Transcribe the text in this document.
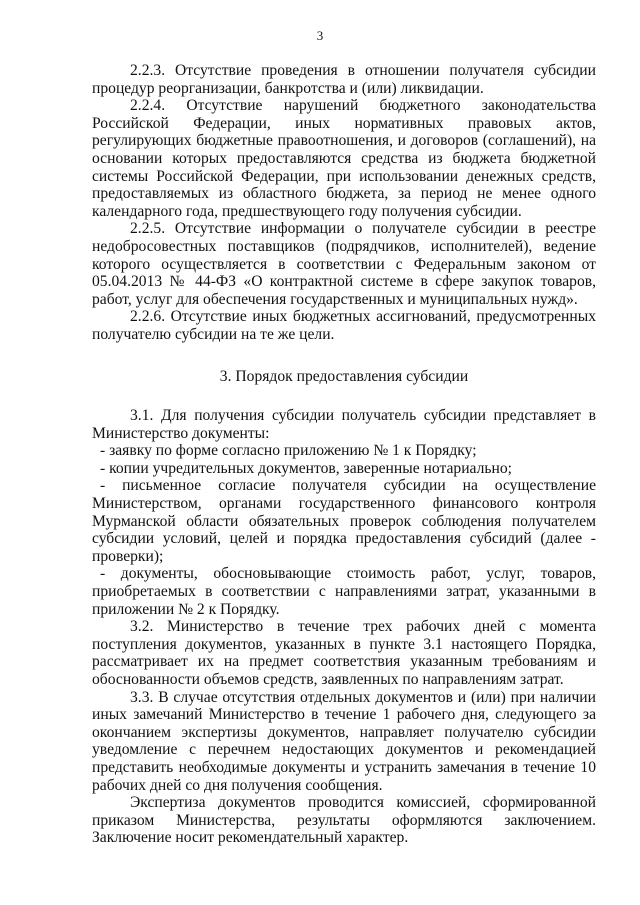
3

2.2.3. Отсутствие проведения в отношении получателя субсидии процедур реорганизации, банкротства и (или) ликвидации.

2.2.4. Отсутствие нарушений бюджетного законодательства Российской Федерации, иных нормативных правовых актов, регулирующих бюджетные правоотношения, и договоров (соглашений), на основании которых предоставляются средства из бюджета бюджетной системы Российской Федерации, при использовании денежных средств, предоставляемых из областного бюджета, за период не менее одного календарного года, предшествующего году получения субсидии.

2.2.5. Отсутствие информации о получателе субсидии в реестре недобросовестных поставщиков (подрядчиков, исполнителей), ведение которого осуществляется в соответствии с Федеральным законом от 05.04.2013 № 44-ФЗ «О контрактной системе в сфере закупок товаров, работ, услуг для обеспечения государственных и муниципальных нужд».

2.2.6. Отсутствие иных бюджетных ассигнований, предусмотренных получателю субсидии на те же цели.

3. Порядок предоставления субсидии

3.1. Для получения субсидии получатель субсидии представляет в Министерство документы:

- заявку по форме согласно приложению № 1 к Порядку;

- копии учредительных документов, заверенные нотариально;

- письменное согласие получателя субсидии на осуществление Министерством, органами государственного финансового контроля Мурманской области обязательных проверок соблюдения получателем субсидии условий, целей и порядка предоставления субсидий (далее - проверки);

- документы, обосновывающие стоимость работ, услуг, товаров, приобретаемых в соответствии с направлениями затрат, указанными в приложении № 2 к Порядку.

3.2. Министерство в течение трех рабочих дней с момента поступления документов, указанных в пункте 3.1 настоящего Порядка, рассматривает их на предмет соответствия указанным требованиям и обоснованности объемов средств, заявленных по направлениям затрат.

3.3. В случае отсутствия отдельных документов и (или) при наличии иных замечаний Министерство в течение 1 рабочего дня, следующего за окончанием экспертизы документов, направляет получателю субсидии уведомление с перечнем недостающих документов и рекомендацией представить необходимые документы и устранить замечания в течение 10 рабочих дней со дня получения сообщения.

Экспертиза документов проводится комиссией, сформированной приказом Министерства, результаты оформляются заключением. Заключение носит рекомендательный характер.
